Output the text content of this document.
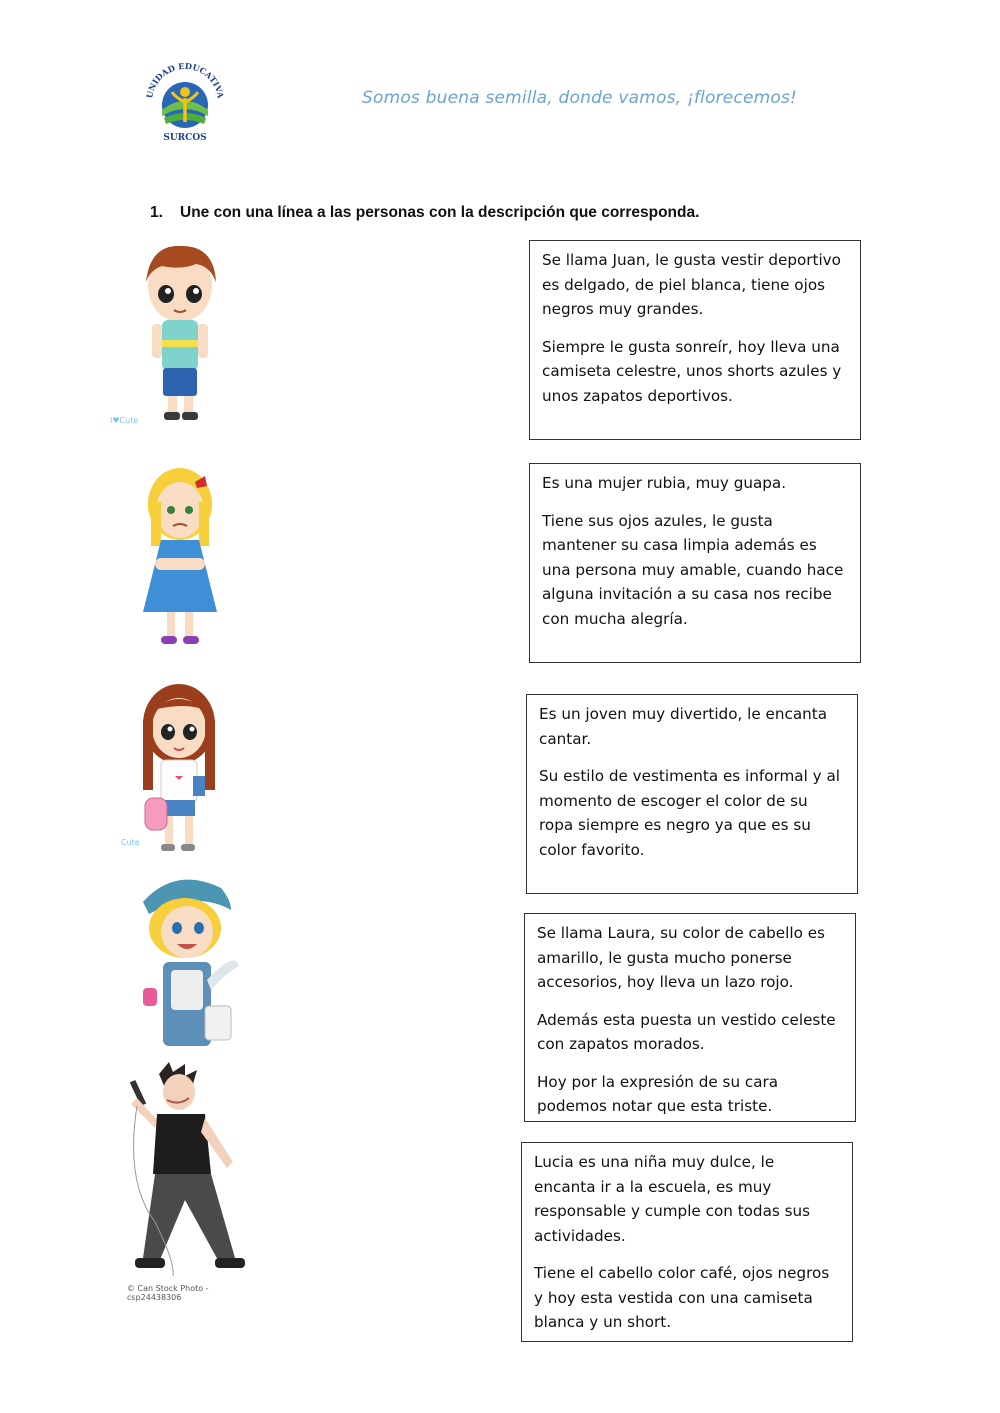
UNIDAD EDUCATIVA
SURCOS
Somos buena semilla, donde vamos, ¡florecemos!
1. Une con una línea a las personas con la descripción que corresponda.
I♥Cute
Cute
© Can Stock Photo - csp24438306

Se llama Juan, le gusta vestir deportivo es delgado, de piel blanca, tiene ojos negros muy grandes.

Siempre le gusta sonreír, hoy lleva una camiseta celestre, unos shorts azules y unos zapatos deportivos.

Es una mujer rubia, muy guapa.

Tiene sus ojos azules, le gusta mantener su casa limpia además es una persona muy amable, cuando hace alguna invitación a su casa nos recibe con mucha alegría.

Es un joven muy divertido, le encanta cantar.

Su estilo de vestimenta es informal y al momento de escoger el color de su ropa siempre es negro ya que es su color favorito.

Se llama Laura, su color de cabello es amarillo, le gusta mucho ponerse accesorios, hoy lleva un lazo rojo.

Además esta puesta un vestido celeste con zapatos morados.

Hoy por la expresión de su cara podemos notar que esta triste.

Lucia es una niña muy dulce, le encanta ir a la escuela, es muy responsable y cumple con todas sus actividades.

Tiene el cabello color café, ojos negros y hoy esta vestida con una camiseta blanca y un short.
